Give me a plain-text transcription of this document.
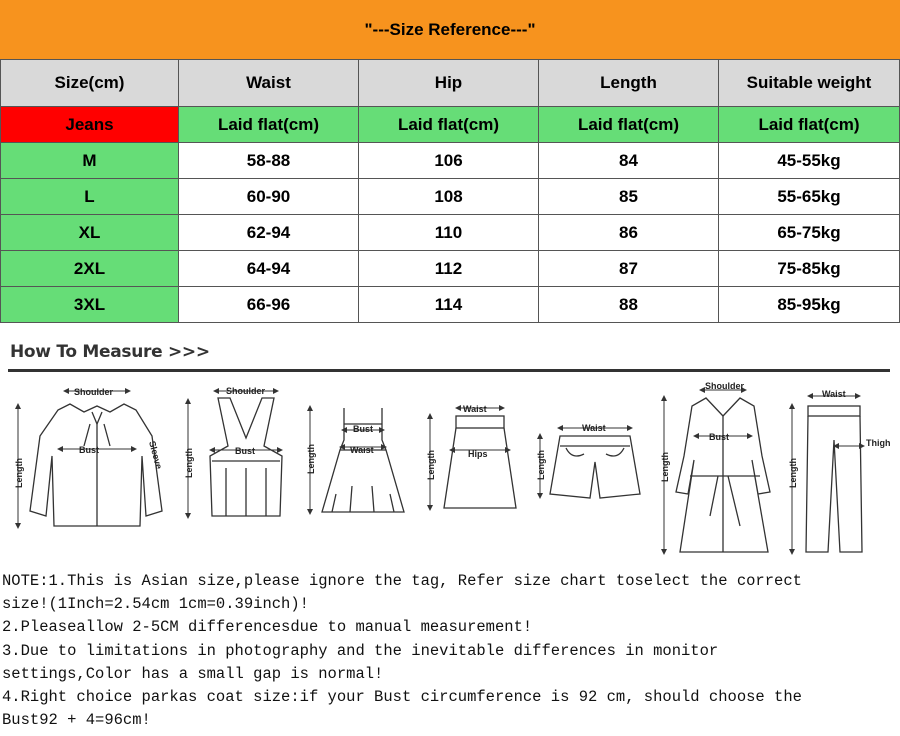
"---Size Reference---"
Size(cm)	Waist	Hip	Length	Suitable weight
Jeans	Laid flat(cm)	Laid flat(cm)	Laid flat(cm)	Laid flat(cm)
M	58-88	106	84	45-55kg
L	60-90	108	85	55-65kg
XL	62-94	110	86	65-75kg
2XL	64-94	112	87	75-85kg
3XL	66-96	114	88	85-95kg
How To Measure >>>
Shoulder
Bust
Length
Sleeve
Shoulder
Bust
Length
Bust
Waist
Length
Waist
Hips
Length
Waist
Length
Shoulder
Bust
Length
Waist
Thigh
Length
NOTE:1.This is Asian size,please ignore the tag, Refer size chart toselect the correct
size!(1Inch=2.54cm 1cm=0.39inch)!
2.Pleaseallow 2-5CM differencesdue to manual measurement!
3.Due to limitations in photography and the inevitable differences in monitor
settings,Color has a small gap is normal!
4.Right choice parkas coat size:if your Bust circumference is 92 cm, should choose the
Bust92 + 4=96cm!
